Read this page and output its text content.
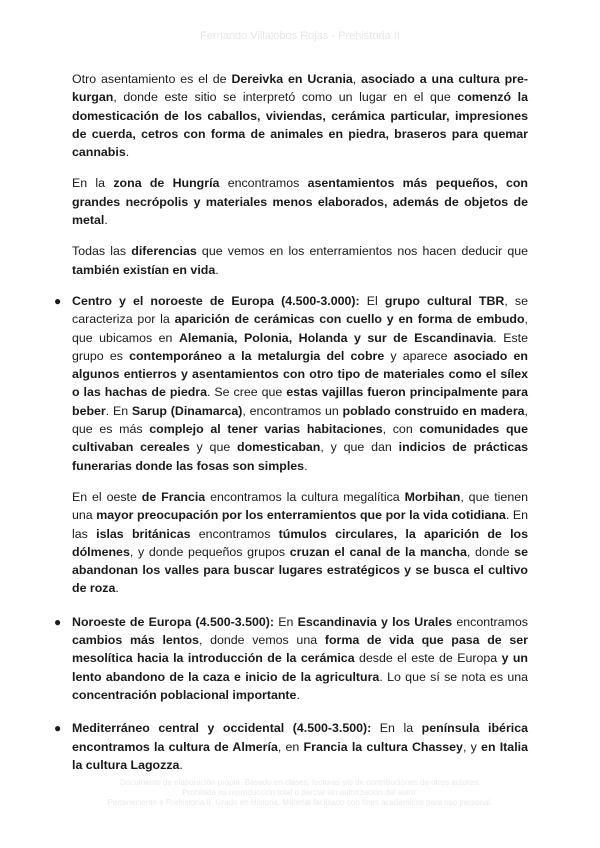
Fernando Villalobos Rojas - Prehistoria II

Otro asentamiento es el de Dereivka en Ucrania, asociado a una cultura pre-kurgan, donde este sitio se interpretó como un lugar en el que comenzó la domesticación de los caballos, viviendas, cerámica particular, impresiones de cuerda, cetros con forma de animales en piedra, braseros para quemar cannabis.

En la zona de Hungría encontramos asentamientos más pequeños, con grandes necrópolis y materiales menos elaborados, además de objetos de metal.

Todas las diferencias que vemos en los enterramientos nos hacen deducir que también existían en vida.

● Centro y el noroeste de Europa (4.500-3.000): El grupo cultural TBR, se caracteriza por la aparición de cerámicas con cuello y en forma de embudo, que ubicamos en Alemania, Polonia, Holanda y sur de Escandinavia. Este grupo es contemporáneo a la metalurgia del cobre y aparece asociado en algunos entierros y asentamientos con otro tipo de materiales como el sílex o las hachas de piedra. Se cree que estas vajillas fueron principalmente para beber. En Sarup (Dinamarca), encontramos un poblado construido en madera, que es más complejo al tener varias habitaciones, con comunidades que cultivaban cereales y que domesticaban, y que dan indicios de prácticas funerarias donde las fosas son simples.

En el oeste de Francia encontramos la cultura megalítica Morbihan, que tienen una mayor preocupación por los enterramientos que por la vida cotidiana. En las islas británicas encontramos túmulos circulares, la aparición de los dólmenes, y donde pequeños grupos cruzan el canal de la mancha, donde se abandonan los valles para buscar lugares estratégicos y se busca el cultivo de roza.

● Noroeste de Europa (4.500-3.500): En Escandinavia y los Urales encontramos cambios más lentos, donde vemos una forma de vida que pasa de ser mesolítica hacia la introducción de la cerámica desde el este de Europa y un lento abandono de la caza e inicio de la agricultura. Lo que sí se nota es una concentración poblacional importante.

● Mediterráneo central y occidental (4.500-3.500): En la península ibérica encontramos la cultura de Almería, en Francia la cultura Chassey, y en Italia la cultura Lagozza.

Documento de elaboración propia. Basado en clases, lecturas y/o de contribuciones de otros autores.
Prohibida su reproducción total o parcial sin autorización del autor.
Perteneciente a Prehistoria II. Grado en Historia. Material facilitado con fines académicos para uso personal.
